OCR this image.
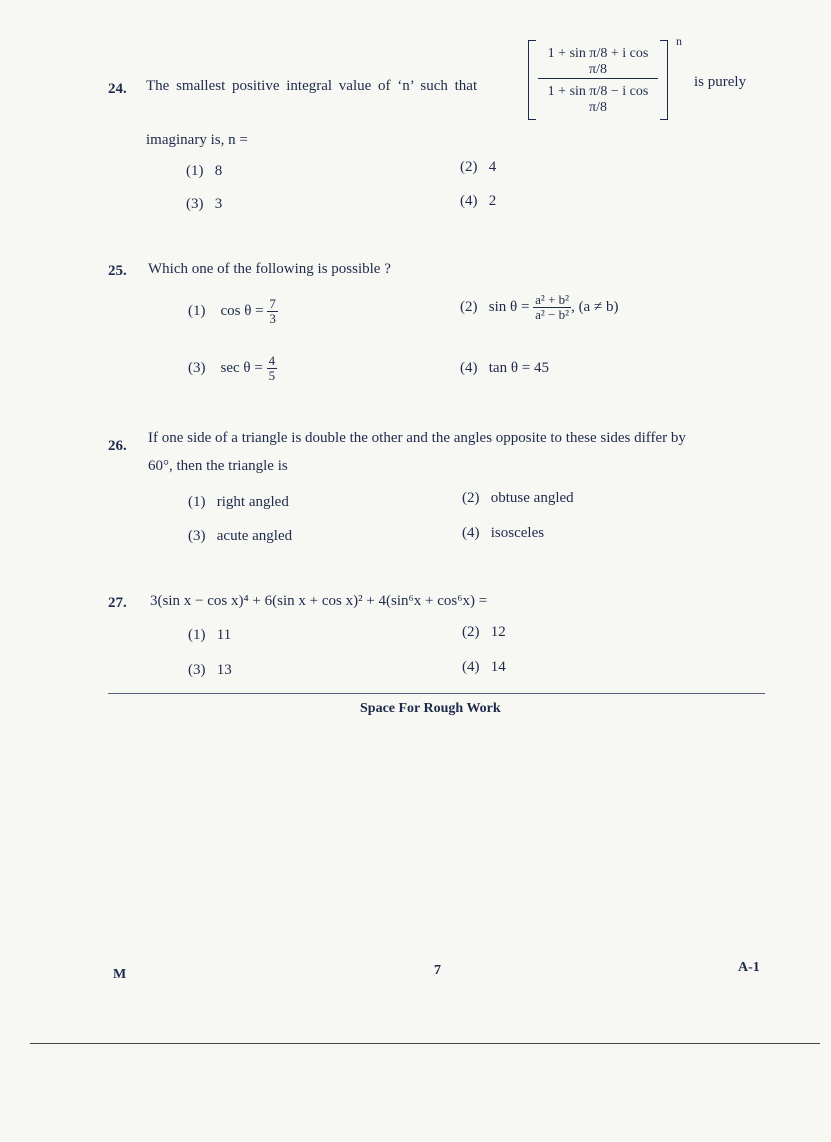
24. The smallest positive integral value of ‘n’ such that
1 + sin π/8 + i cos π/8
1 + sin π/8 − i cos π/8
n
is purely
imaginary is, n =
(1) 8	(2) 4
(3) 3	(4) 2
25. Which one of the following is possible ?
(1) $\cos \theta = \frac{7}{3}$	(2) $\sin \theta = \frac{\text{a² + b²}}{\text{a² − b²}}$ , (a ≠ b)
(3) $\sec \theta = \frac{4}{5}$	(4) tan θ = 45
26. If one side of a triangle is double the other and the angles opposite to these sides differ by
60°, then the triangle is
(1) right angled	(2) obtuse angled
(3) acute angled	(4) isosceles
27. 3(sin x − cos x)⁴ + 6(sin x + cos x)² + 4(sin⁶x + cos⁶x) =
(1) 11	(2) 12
(3) 13	(4) 14
Space For Rough Work
M	7	A-1
